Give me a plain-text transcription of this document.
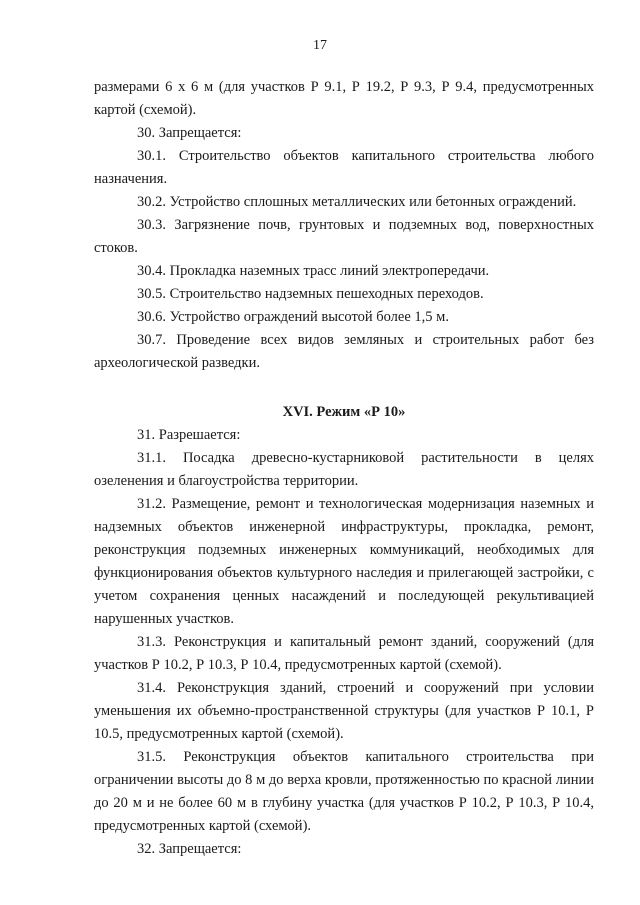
17

размерами 6 х 6 м (для участков Р 9.1, Р 19.2, Р 9.3, Р 9.4, предусмотренных картой (схемой).

30. Запрещается:

30.1. Строительство объектов капитального строительства любого назначения.

30.2. Устройство сплошных металлических или бетонных ограждений.

30.3. Загрязнение почв, грунтовых и подземных вод, поверхностных стоков.

30.4. Прокладка наземных трасс линий электропередачи.

30.5. Строительство надземных пешеходных переходов.

30.6. Устройство ограждений высотой более 1,5 м.

30.7. Проведение всех видов земляных и строительных работ без археологической разведки.

XVI. Режим «Р 10»

31. Разрешается:

31.1. Посадка древесно-кустарниковой растительности в целях озеленения и благоустройства территории.

31.2. Размещение, ремонт и технологическая модернизация наземных и надземных объектов инженерной инфраструктуры, прокладка, ремонт, реконструкция подземных инженерных коммуникаций, необходимых для функционирования объектов культурного наследия и прилегающей застройки, с учетом сохранения ценных насаждений и последующей рекультивацией нарушенных участков.

31.3. Реконструкция и капитальный ремонт зданий, сооружений (для участков Р 10.2, Р 10.3, Р 10.4, предусмотренных картой (схемой).

31.4. Реконструкция зданий, строений и сооружений при условии уменьшения их объемно-пространственной структуры (для участков Р 10.1, Р 10.5, предусмотренных картой (схемой).

31.5. Реконструкция объектов капитального строительства при ограничении высоты до 8 м до верха кровли, протяженностью по красной линии до 20 м и не более 60 м в глубину участка (для участков Р 10.2, Р 10.3, Р 10.4, предусмотренных картой (схемой).

32. Запрещается:
